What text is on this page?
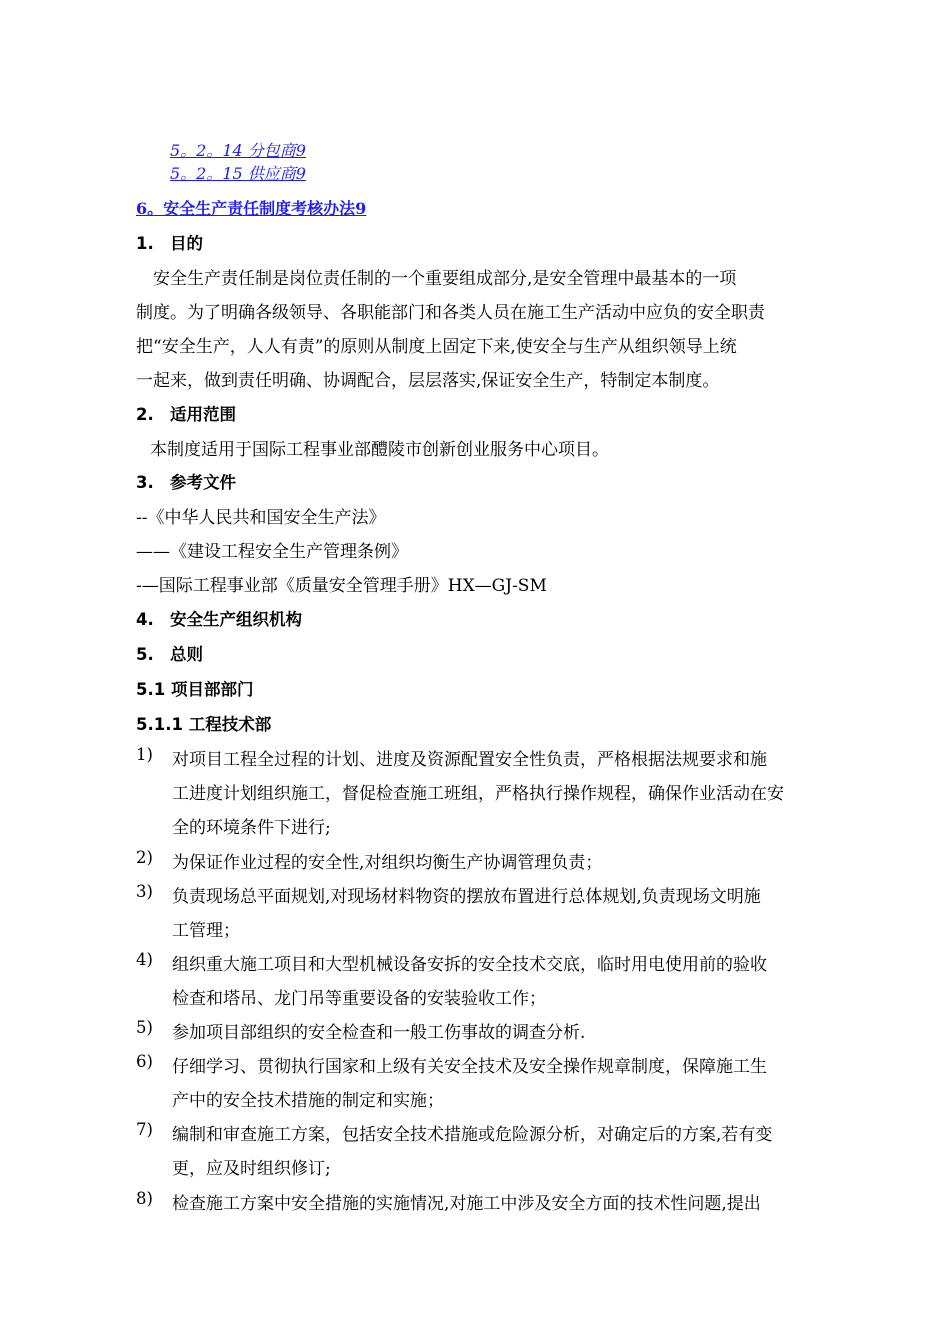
5。2。14 分包商9
5。2。15 供应商9
6。安全生产责任制度考核办法9
1. 目的
　安全生产责任制是岗位责任制的一个重要组成部分,是安全管理中最基本的一项
制度。为了明确各级领导、各职能部门和各类人员在施工生产活动中应负的安全职责
把“安全生产，人人有责”的原则从制度上固定下来,使安全与生产从组织领导上统
一起来，做到责任明确、协调配合，层层落实,保证安全生产，特制定本制度。
2. 适用范围
本制度适用于国际工程事业部醴陵市创新创业服务中心项目。
3. 参考文件
--《中华人民共和国安全生产法》
——《建设工程安全生产管理条例》
-—国际工程事业部《质量安全管理手册》HX—GJ-SM
4. 安全生产组织机构
5. 总则
5.1 项目部部门
5.1.1 工程技术部
1) 对项目工程全过程的计划、进度及资源配置安全性负责，严格根据法规要求和施
工进度计划组织施工，督促检查施工班组，严格执行操作规程，确保作业活动在安
全的环境条件下进行;
2) 为保证作业过程的安全性,对组织均衡生产协调管理负责；
3) 负责现场总平面规划,对现场材料物资的摆放布置进行总体规划,负责现场文明施
工管理；
4) 组织重大施工项目和大型机械设备安拆的安全技术交底，临时用电使用前的验收
检查和塔吊、龙门吊等重要设备的安装验收工作；
5) 参加项目部组织的安全检查和一般工伤事故的调查分析.
6) 仔细学习、贯彻执行国家和上级有关安全技术及安全操作规章制度，保障施工生
产中的安全技术措施的制定和实施；
7) 编制和审查施工方案，包括安全技术措施或危险源分析，对确定后的方案,若有变
更，应及时组织修订;
8) 检查施工方案中安全措施的实施情况,对施工中涉及安全方面的技术性问题,提出
